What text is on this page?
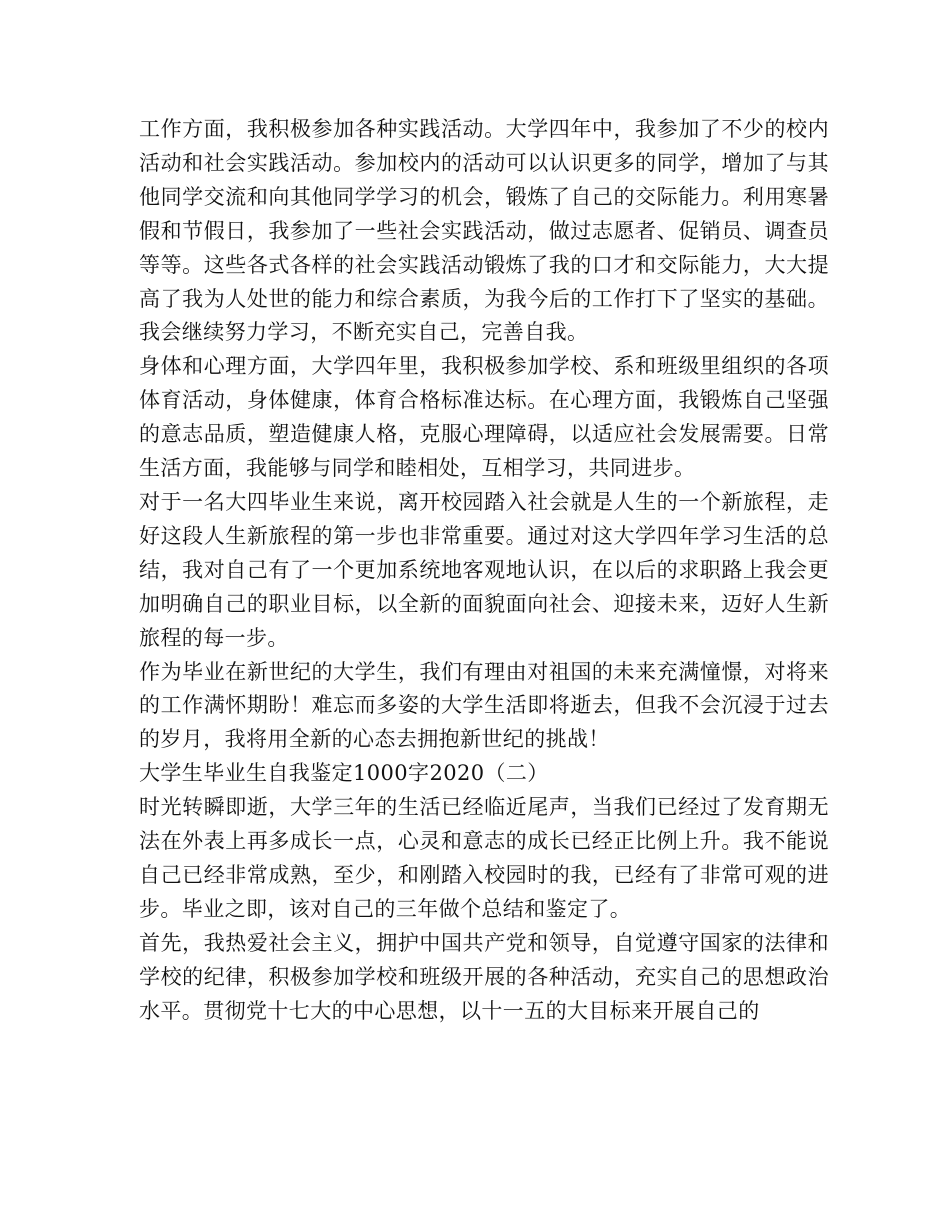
工作方面，我积极参加各种实践活动。大学四年中，我参加了不少的校内活动和社会实践活动。参加校内的活动可以认识更多的同学，增加了与其他同学交流和向其他同学学习的机会，锻炼了自己的交际能力。利用寒暑假和节假日，我参加了一些社会实践活动，做过志愿者、促销员、调查员等等。这些各式各样的社会实践活动锻炼了我的口才和交际能力，大大提高了我为人处世的能力和综合素质，为我今后的工作打下了坚实的基础。我会继续努力学习，不断充实自己，完善自我。

身体和心理方面，大学四年里，我积极参加学校、系和班级里组织的各项体育活动，身体健康，体育合格标准达标。在心理方面，我锻炼自己坚强的意志品质，塑造健康人格，克服心理障碍，以适应社会发展需要。日常生活方面，我能够与同学和睦相处，互相学习，共同进步。

对于一名大四毕业生来说，离开校园踏入社会就是人生的一个新旅程，走好这段人生新旅程的第一步也非常重要。通过对这大学四年学习生活的总结，我对自己有了一个更加系统地客观地认识，在以后的求职路上我会更加明确自己的职业目标，以全新的面貌面向社会、迎接未来，迈好人生新旅程的每一步。

作为毕业在新世纪的大学生，我们有理由对祖国的未来充满憧憬，对将来的工作满怀期盼！难忘而多姿的大学生活即将逝去，但我不会沉浸于过去的岁月，我将用全新的心态去拥抱新世纪的挑战！

大学生毕业生自我鉴定1000字2020（二）

时光转瞬即逝，大学三年的生活已经临近尾声，当我们已经过了发育期无法在外表上再多成长一点，心灵和意志的成长已经正比例上升。我不能说自己已经非常成熟，至少，和刚踏入校园时的我，已经有了非常可观的进步。毕业之即，该对自己的三年做个总结和鉴定了。

首先，我热爱社会主义，拥护中国共产党和领导，自觉遵守国家的法律和学校的纪律，积极参加学校和班级开展的各种活动，充实自己的思想政治水平。贯彻党十七大的中心思想，以十一五的大目标来开展自己的
